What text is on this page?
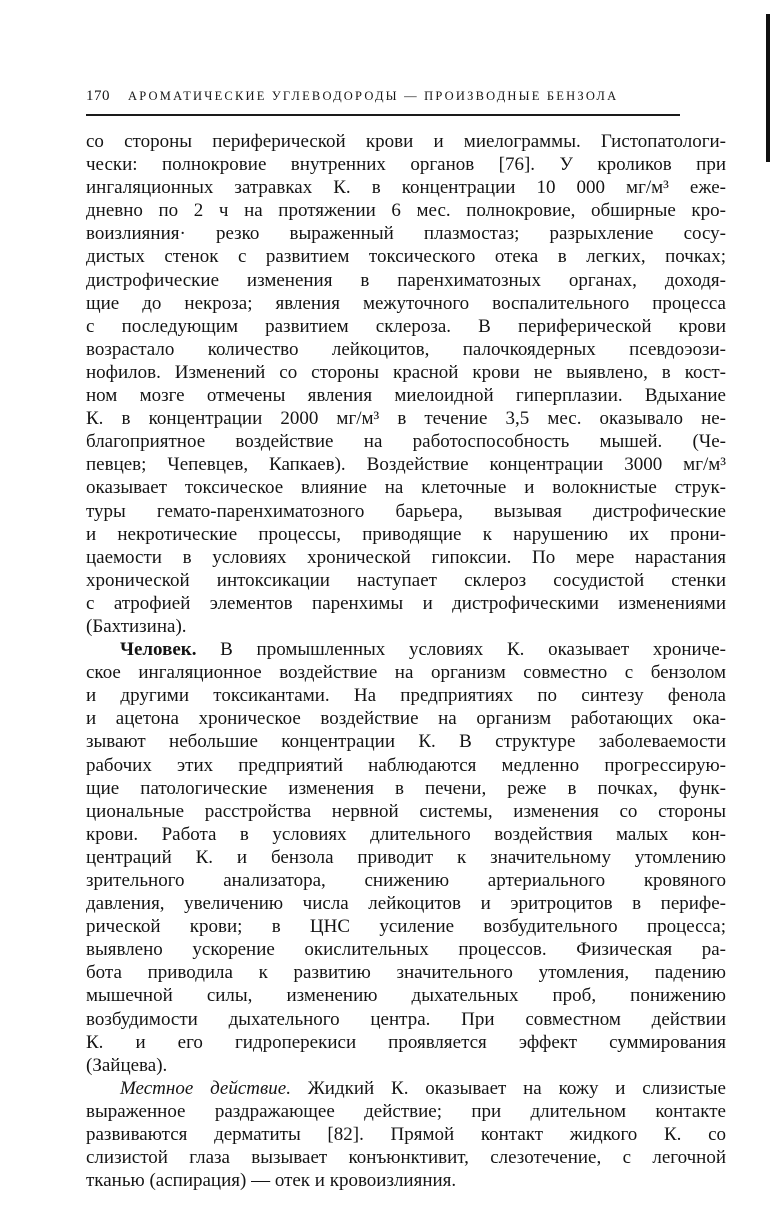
170 АРОМАТИЧЕСКИЕ УГЛЕВОДОРОДЫ — ПРОИЗВОДНЫЕ БЕНЗОЛА
со стороны периферической крови и миелограммы. Гистопатологи-
чески: полнокровие внутренних органов [76]. У кроликов при
ингаляционных затравках К. в концентрации 10 000 мг/м³ еже-
дневно по 2 ч на протяжении 6 мес. полнокровие, обширные кро-
воизлияния· резко выраженный плазмостаз; разрыхление сосу-
дистых стенок с развитием токсического отека в легких, почках;
дистрофические изменения в паренхиматозных органах, доходя-
щие до некроза; явления межуточного воспалительного процесса
с последующим развитием склероза. В периферической крови
возрастало количество лейкоцитов, палочкоядерных псевдоэози-
нофилов. Изменений со стороны красной крови не выявлено, в кост-
ном мозге отмечены явления миелоидной гиперплазии. Вдыхание
К. в концентрации 2000 мг/м³ в течение 3,5 мес. оказывало не-
благоприятное воздействие на работоспособность мышей. (Че-
певцев; Чепевцев, Капкаев). Воздействие концентрации 3000 мг/м³
оказывает токсическое влияние на клеточные и волокнистые струк-
туры гемато-паренхиматозного барьера, вызывая дистрофические
и некротические процессы, приводящие к нарушению их прони-
цаемости в условиях хронической гипоксии. По мере нарастания
хронической интоксикации наступает склероз сосудистой стенки
с атрофией элементов паренхимы и дистрофическими изменениями
(Бахтизина).
Человек. В промышленных условиях К. оказывает хрониче-
ское ингаляционное воздействие на организм совместно с бензолом
и другими токсикантами. На предприятиях по синтезу фенола
и ацетона хроническое воздействие на организм работающих ока-
зывают небольшие концентрации К. В структуре заболеваемости
рабочих этих предприятий наблюдаются медленно прогрессирую-
щие патологические изменения в печени, реже в почках, функ-
циональные расстройства нервной системы, изменения со стороны
крови. Работа в условиях длительного воздействия малых кон-
центраций К. и бензола приводит к значительному утомлению
зрительного анализатора, снижению артериального кровяного
давления, увеличению числа лейкоцитов и эритроцитов в перифе-
рической крови; в ЦНС усиление возбудительного процесса;
выявлено ускорение окислительных процессов. Физическая ра-
бота приводила к развитию значительного утомления, падению
мышечной силы, изменению дыхательных проб, понижению
возбудимости дыхательного центра. При совместном действии
К. и его гидроперекиси проявляется эффект суммирования
(Зайцева).
Местное действие. Жидкий К. оказывает на кожу и слизистые
выраженное раздражающее действие; при длительном контакте
развиваются дерматиты [82]. Прямой контакт жидкого К. со
слизистой глаза вызывает конъюнктивит, слезотечение, с легочной
тканью (аспирация) — отек и кровоизлияния.
